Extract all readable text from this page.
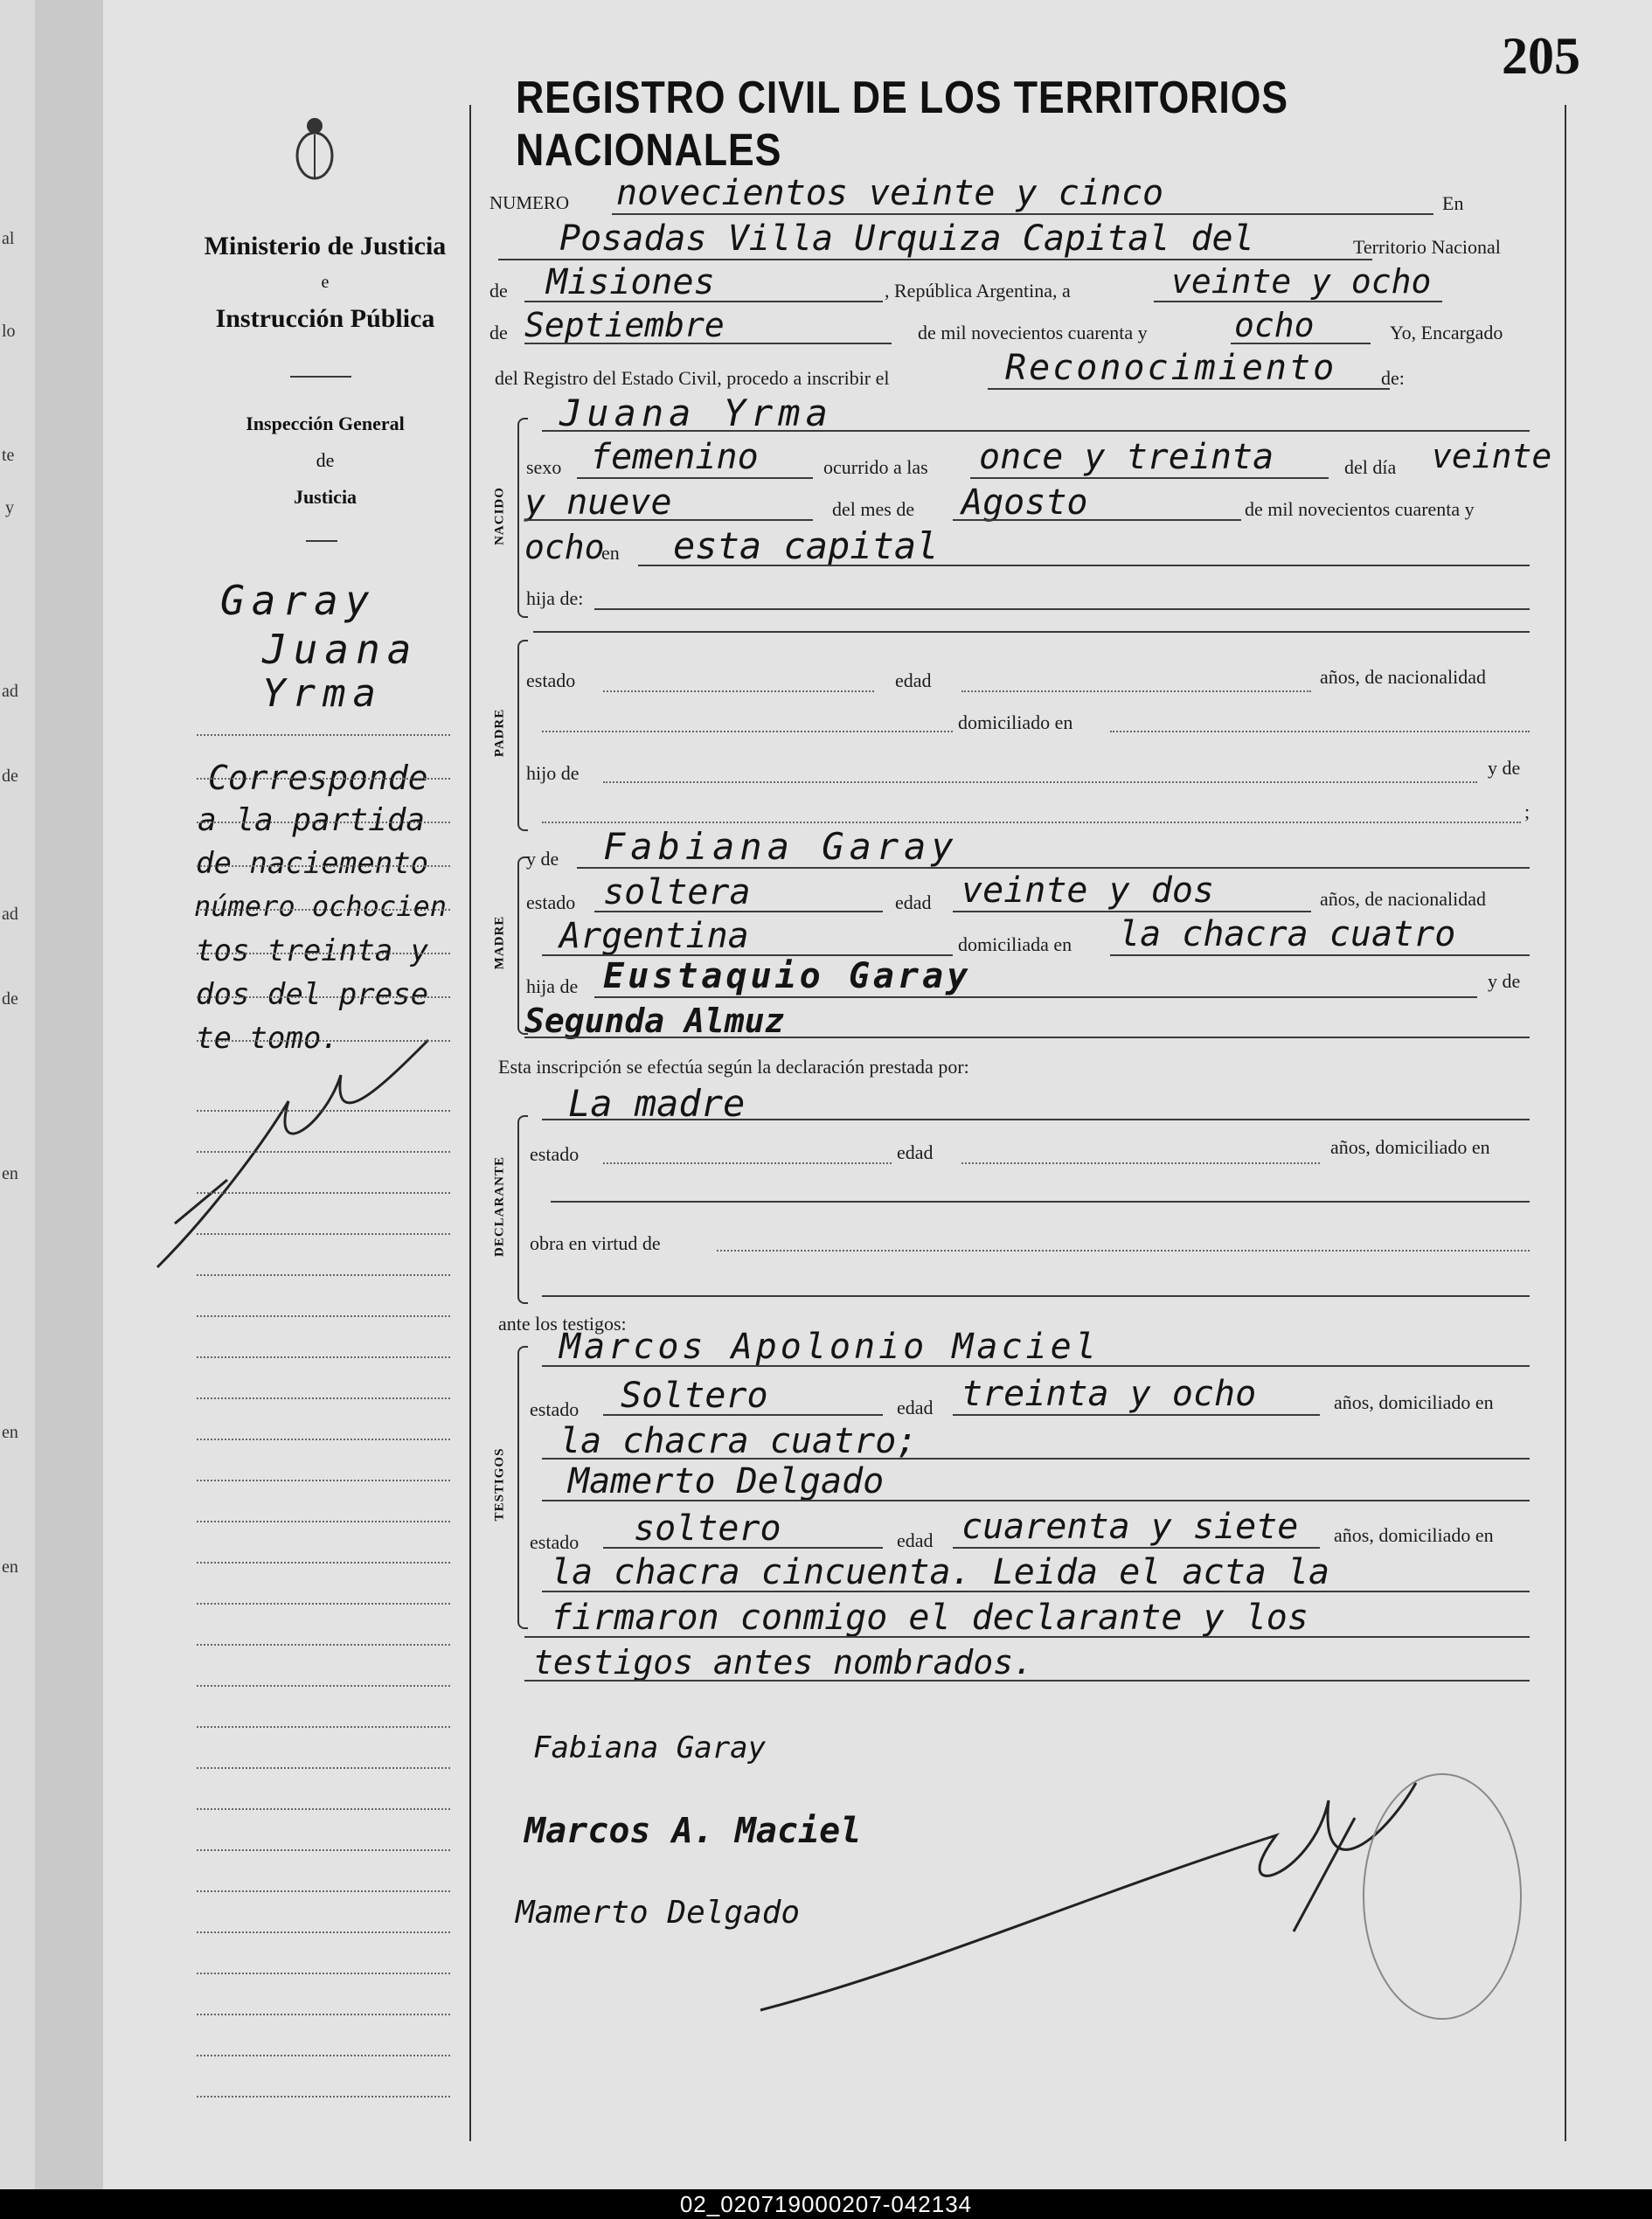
al
lo
te
y
ad
de
ad
de
en
en
en
205
REGISTRO CIVIL DE LOS TERRITORIOS NACIONALES
Ministerio de Justicia
e
Instrucción Pública
Inspección General
de
Justicia
Garay
Juana
Yrma
Corresponde
a la partida
de naciemento
número ochocien
tos treinta y
dos del prese
te tomo.
NUMERO novecientos veinte y cinco	En
Posadas Villa Urquiza Capital del	Territorio Nacional
de Misiones	, República Argentina, a	veinte y ocho
de Septiembre	de mil novecientos cuarenta y	ocho	Yo, Encargado
del Registro del Estado Civil, procedo a inscribir el	Reconocimiento de:
NACIDO
Juana Yrma
sexo femenino	ocurrido a las once y treinta	del día veinte
y nueve	del mes de Agosto	de mil novecientos cuarenta y
ocho
en esta capital
hija de:
PADRE
estado	edad	años, de nacionalidad
domiciliado en
hijo de	y de
;
MADRE
y de Fabiana Garay
estado soltera	edad veinte y dos	años, de nacionalidad
Argentina	domiciliada en la chacra cuatro
hija de Eustaquio Garay	y de
Segunda Almuz
Esta inscripción se efectúa según la declaración prestada por:
La madre
DECLARANTE
estado	edad	años, domiciliado en
obra en virtud de
ante los testigos:
TESTIGOS
Marcos Apolonio Maciel
estado Soltero	edad treinta y ocho	años, domiciliado en
la chacra cuatro;
Mamerto Delgado
estado soltero	edad cuarenta y siete años, domiciliado en
la chacra cincuenta. Leida el acta la
firmaron conmigo el declarante y los
testigos antes nombrados.
Fabiana Garay
Marcos A. Maciel
Mamerto Delgado
02_020719000207-042134
